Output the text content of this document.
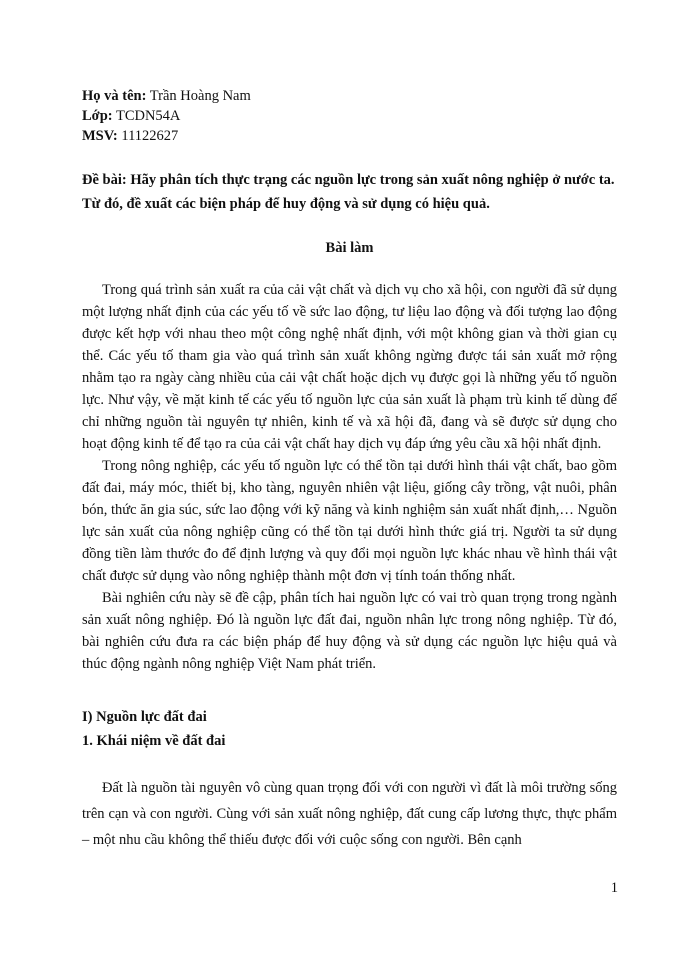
Họ và tên: Trần Hoàng Nam

Lớp: TCDN54A

MSV: 11122627

Đề bài: Hãy phân tích thực trạng các nguồn lực trong sản xuất nông nghiệp ở nước ta. Từ đó, đề xuất các biện pháp để huy động và sử dụng có hiệu quả.

Bài làm

Trong quá trình sản xuất ra của cải vật chất và dịch vụ cho xã hội, con người đã sử dụng một lượng nhất định của các yếu tố về sức lao động, tư liệu lao động và đối tượng lao động được kết hợp với nhau theo một công nghệ nhất định, với một không gian và thời gian cụ thể. Các yếu tố tham gia vào quá trình sản xuất không ngừng được tái sản xuất mở rộng nhằm tạo ra ngày càng nhiều của cải vật chất hoặc dịch vụ được gọi là những yếu tố nguồn lực. Như vậy, về mặt kinh tế các yếu tố nguồn lực của sản xuất là phạm trù kinh tế dùng để chỉ những nguồn tài nguyên tự nhiên, kinh tế và xã hội đã, đang và sẽ được sử dụng cho hoạt động kinh tế để tạo ra của cải vật chất hay dịch vụ đáp ứng yêu cầu xã hội nhất định.

Trong nông nghiệp, các yếu tố nguồn lực có thể tồn tại dưới hình thái vật chất, bao gồm đất đai, máy móc, thiết bị, kho tàng, nguyên nhiên vật liệu, giống cây trồng, vật nuôi, phân bón, thức ăn gia súc, sức lao động với kỹ năng và kinh nghiệm sản xuất nhất định,… Nguồn lực sản xuất của nông nghiệp cũng có thể tồn tại dưới hình thức giá trị. Người ta sử dụng đồng tiền làm thước đo để định lượng và quy đổi mọi nguồn lực khác nhau về hình thái vật chất được sử dụng vào nông nghiệp thành một đơn vị tính toán thống nhất.

Bài nghiên cứu này sẽ đề cập, phân tích hai nguồn lực có vai trò quan trọng trong ngành sản xuất nông nghiệp. Đó là nguồn lực đất đai, nguồn nhân lực trong nông nghiệp. Từ đó, bài nghiên cứu đưa ra các biện pháp để huy động và sử dụng các nguồn lực hiệu quả và thúc động ngành nông nghiệp Việt Nam phát triển.

I) Nguồn lực đất đai

1. Khái niệm về đất đai

Đất là nguồn tài nguyên vô cùng quan trọng đối với con người vì đất là môi trường sống trên cạn và con người. Cùng với sản xuất nông nghiệp, đất cung cấp lương thực, thực phẩm – một nhu cầu không thể thiếu được đối với cuộc sống con người. Bên cạnh

1
